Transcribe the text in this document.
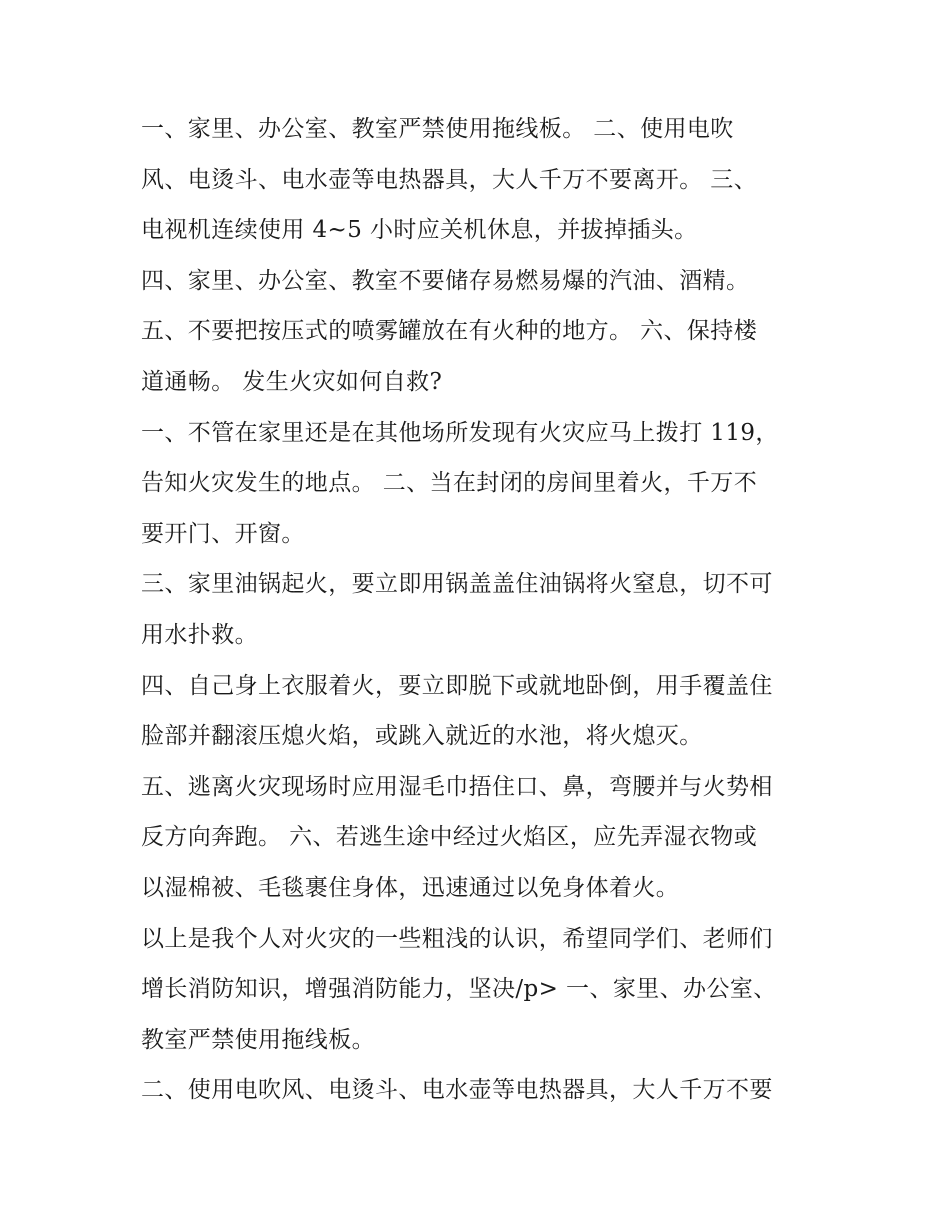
一、家里、办公室、教室严禁使用拖线板。 二、使用电吹
风、电烫斗、电水壶等电热器具，大人千万不要离开。 三、
电视机连续使用 4~5 小时应关机休息，并拔掉插头。
四、家里、办公室、教室不要储存易燃易爆的汽油、酒精。
五、不要把按压式的喷雾罐放在有火种的地方。 六、保持楼
道通畅。 发生火灾如何自救?
一、不管在家里还是在其他场所发现有火灾应马上拨打 119，
告知火灾发生的地点。 二、当在封闭的房间里着火，千万不
要开门、开窗。
三、家里油锅起火，要立即用锅盖盖住油锅将火窒息，切不可
用水扑救。
四、自己身上衣服着火，要立即脱下或就地卧倒，用手覆盖住
脸部并翻滚压熄火焰，或跳入就近的水池，将火熄灭。
五、逃离火灾现场时应用湿毛巾捂住口、鼻，弯腰并与火势相
反方向奔跑。 六、若逃生途中经过火焰区，应先弄湿衣物或
以湿棉被、毛毯裹住身体，迅速通过以免身体着火。
以上是我个人对火灾的一些粗浅的认识，希望同学们、老师们
增长消防知识，增强消防能力，坚决/p> 一、家里、办公室、
教室严禁使用拖线板。
二、使用电吹风、电烫斗、电水壶等电热器具，大人千万不要
